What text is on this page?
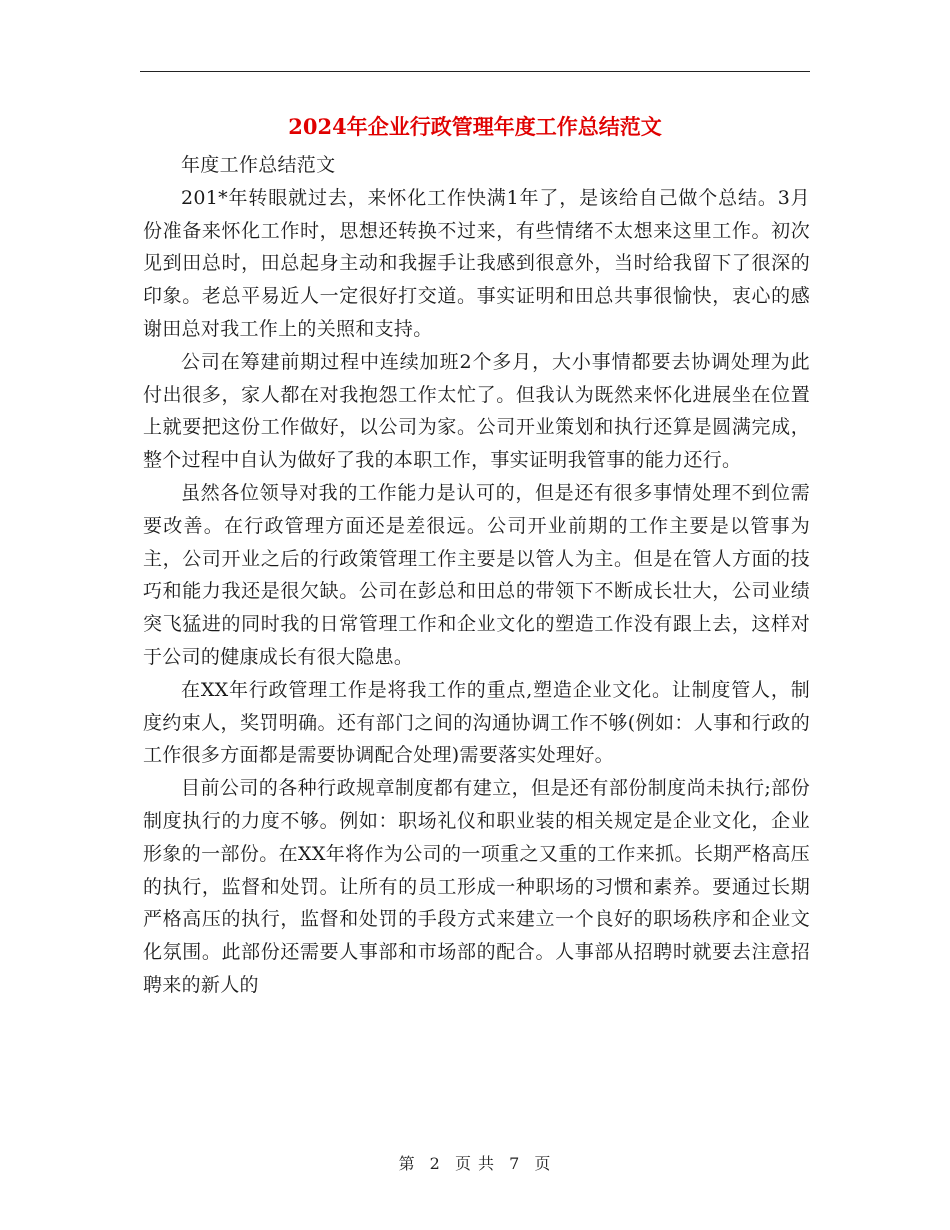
2024年企业行政管理年度工作总结范文

年度工作总结范文

201*年转眼就过去，来怀化工作快满1年了，是该给自己做个总结。3月份准备来怀化工作时，思想还转换不过来，有些情绪不太想来这里工作。初次见到田总时，田总起身主动和我握手让我感到很意外，当时给我留下了很深的印象。老总平易近人一定很好打交道。事实证明和田总共事很愉快，衷心的感谢田总对我工作上的关照和支持。

公司在筹建前期过程中连续加班2个多月，大小事情都要去协调处理为此付出很多，家人都在对我抱怨工作太忙了。但我认为既然来怀化进展坐在位置上就要把这份工作做好，以公司为家。公司开业策划和执行还算是圆满完成，整个过程中自认为做好了我的本职工作，事实证明我管事的能力还行。

虽然各位领导对我的工作能力是认可的，但是还有很多事情处理不到位需要改善。在行政管理方面还是差很远。公司开业前期的工作主要是以管事为主，公司开业之后的行政策管理工作主要是以管人为主。但是在管人方面的技巧和能力我还是很欠缺。公司在彭总和田总的带领下不断成长壮大，公司业绩突飞猛进的同时我的日常管理工作和企业文化的塑造工作没有跟上去，这样对于公司的健康成长有很大隐患。

在XX年行政管理工作是将我工作的重点,塑造企业文化。让制度管人，制度约束人，奖罚明确。还有部门之间的沟通协调工作不够(例如：人事和行政的工作很多方面都是需要协调配合处理)需要落实处理好。

目前公司的各种行政规章制度都有建立，但是还有部份制度尚未执行;部份制度执行的力度不够。例如：职场礼仪和职业装的相关规定是企业文化，企业形象的一部份。在XX年将作为公司的一项重之又重的工作来抓。长期严格高压的执行，监督和处罚。让所有的员工形成一种职场的习惯和素养。要通过长期严格高压的执行，监督和处罚的手段方式来建立一个良好的职场秩序和企业文化氛围。此部份还需要人事部和市场部的配合。人事部从招聘时就要去注意招聘来的新人的

第 2 页 共 7 页
